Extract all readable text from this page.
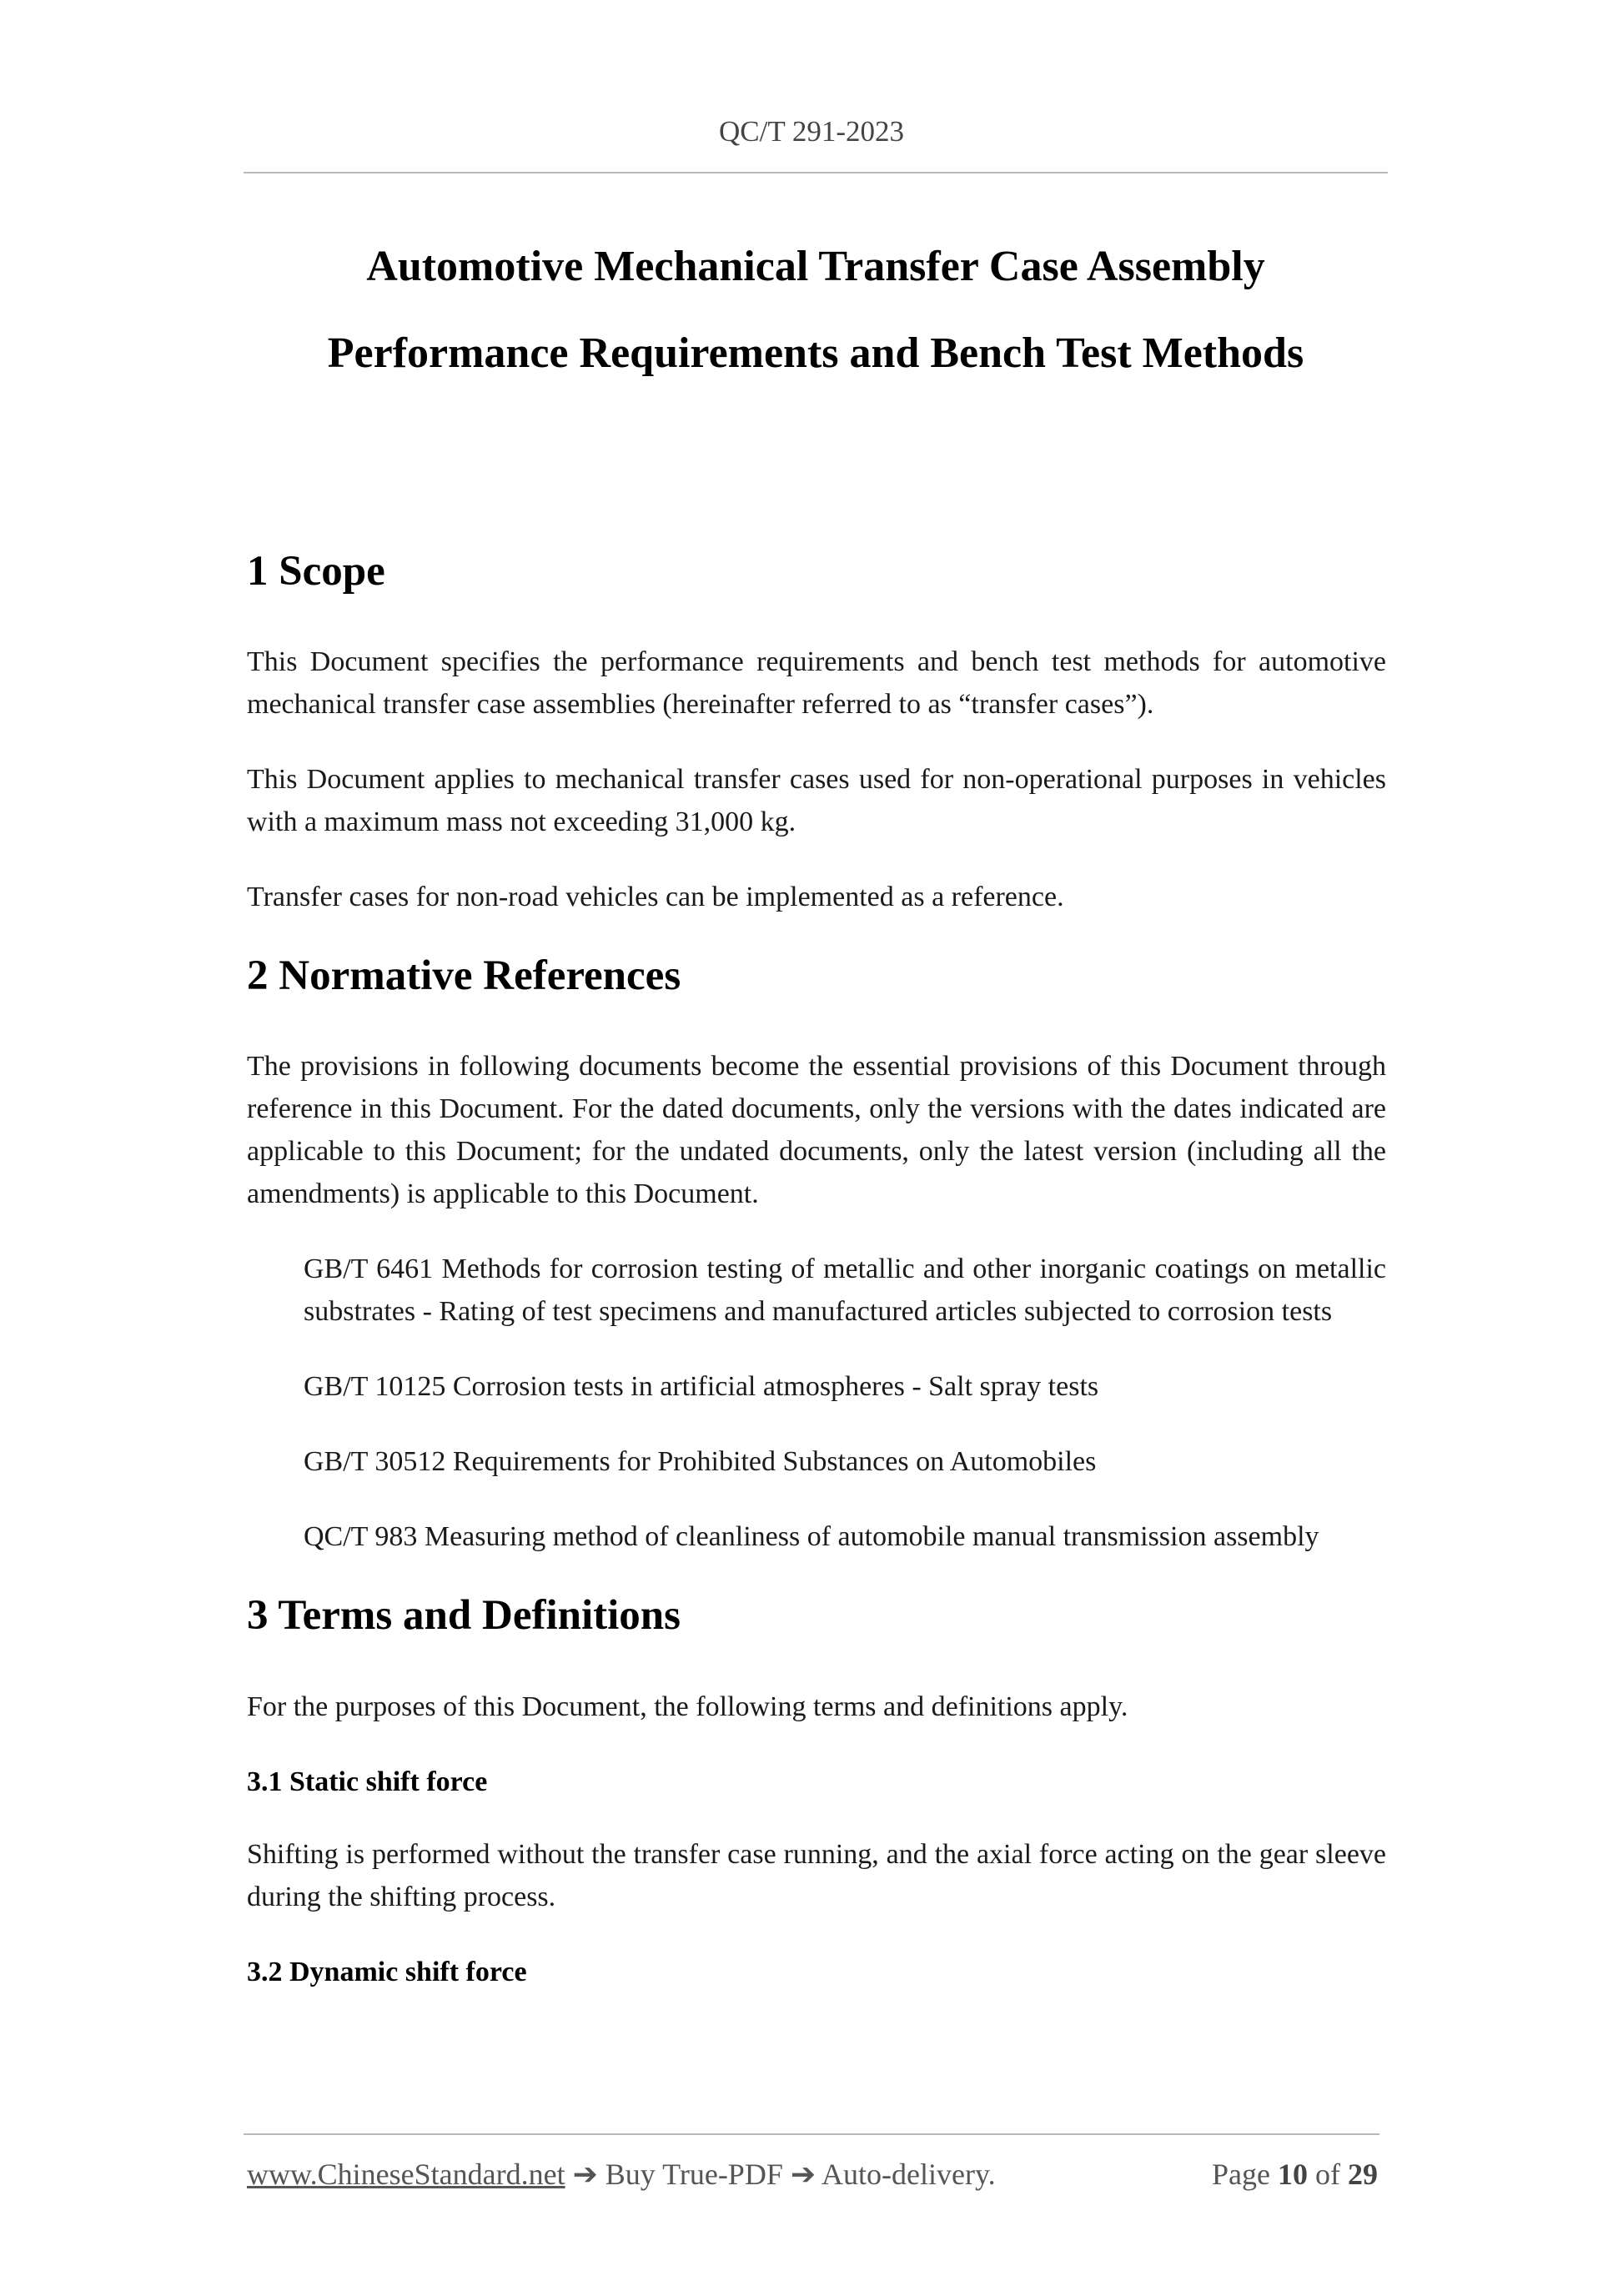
QC/T 291-2023
Automotive Mechanical Transfer Case Assembly
Performance Requirements and Bench Test Methods
1 Scope

This Document specifies the performance requirements and bench test methods for automotive mechanical transfer case assemblies (hereinafter referred to as “transfer cases”).

This Document applies to mechanical transfer cases used for non-operational purposes in vehicles with a maximum mass not exceeding 31,000 kg.

Transfer cases for non-road vehicles can be implemented as a reference.

2 Normative References

The provisions in following documents become the essential provisions of this Document through reference in this Document. For the dated documents, only the versions with the dates indicated are applicable to this Document; for the undated documents, only the latest version (including all the amendments) is applicable to this Document.

GB/T 6461 Methods for corrosion testing of metallic and other inorganic coatings on metallic substrates - Rating of test specimens and manufactured articles subjected to corrosion tests

GB/T 10125 Corrosion tests in artificial atmospheres - Salt spray tests

GB/T 30512 Requirements for Prohibited Substances on Automobiles

QC/T 983 Measuring method of cleanliness of automobile manual transmission assembly

3 Terms and Definitions

For the purposes of this Document, the following terms and definitions apply.

3.1 Static shift force

Shifting is performed without the transfer case running, and the axial force acting on the gear sleeve during the shifting process.

3.2 Dynamic shift force
www.ChineseStandard.net ➔ Buy True-PDF ➔ Auto-delivery.	Page 10 of 29
